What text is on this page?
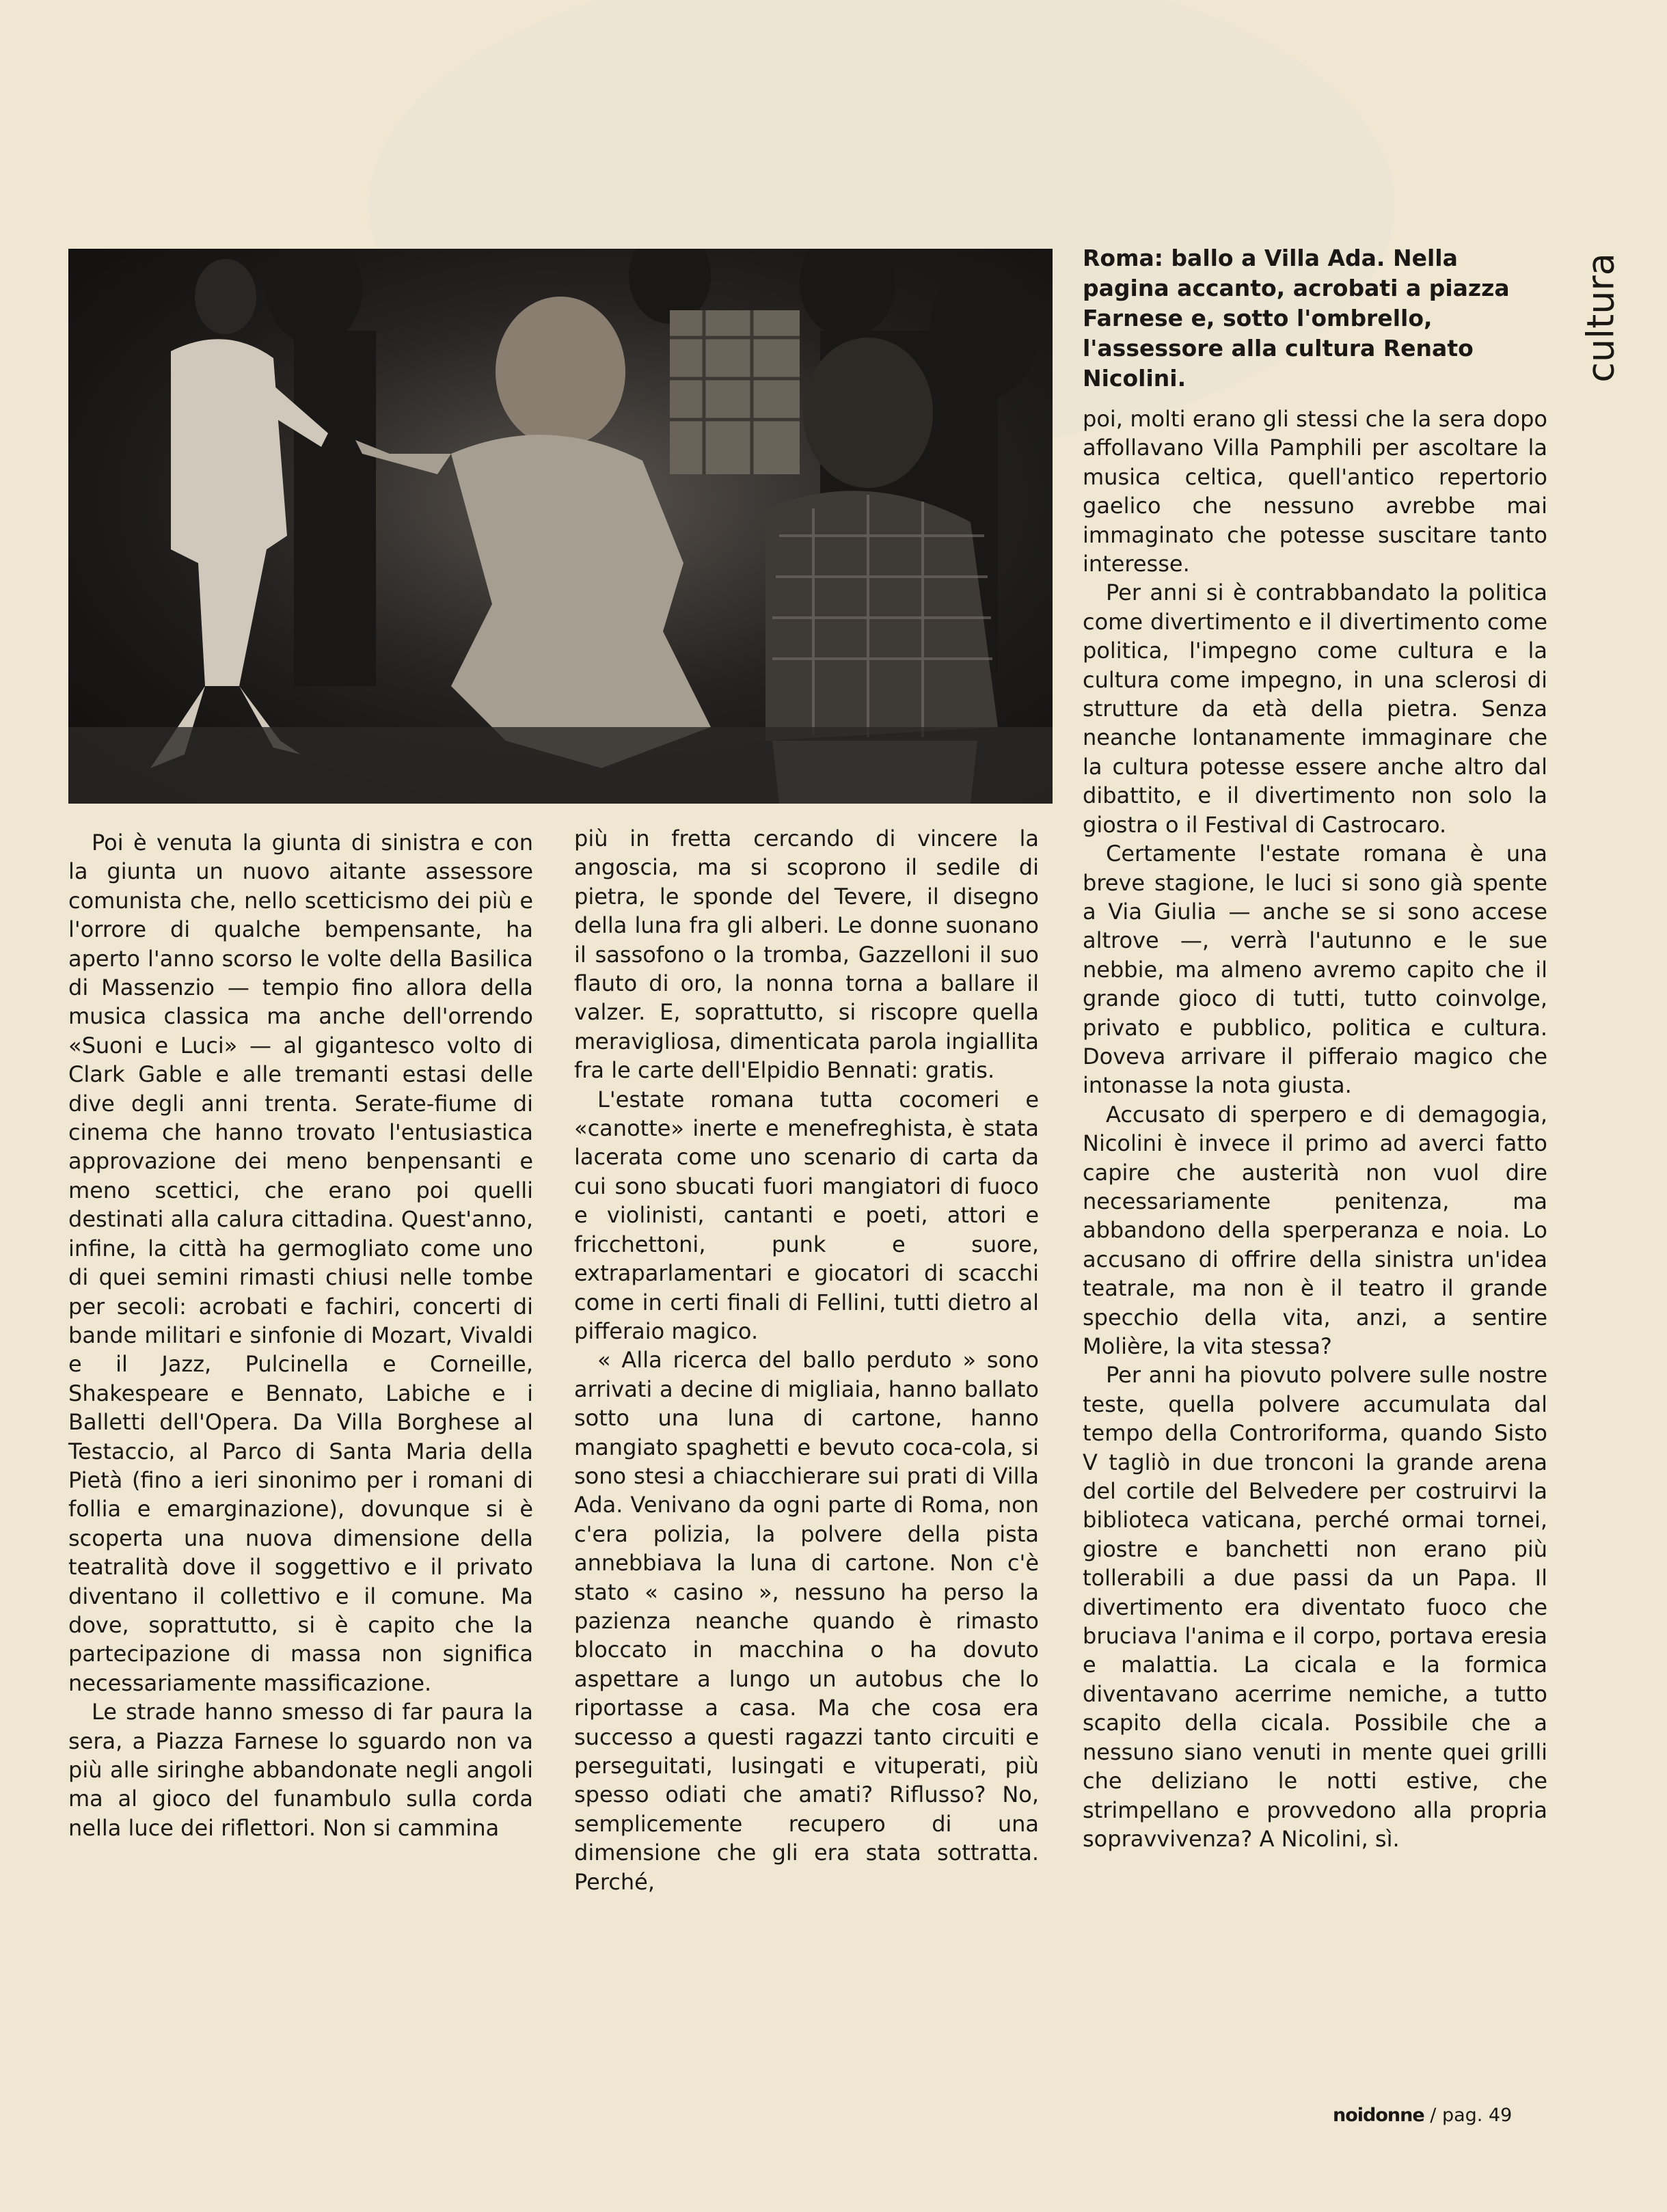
Roma: ballo a Villa Ada. Nella pagina accanto, acrobati a piazza Farnese e, sotto l'ombrello, l'assessore alla cultura Renato Nicolini.	cultura

Poi è venuta la giunta di sinistra e con la giunta un nuovo aitante assessore comunista che, nello scetticismo dei più e l'orrore di qualche bempensante, ha aperto l'anno scorso le volte della Basilica di Massenzio — tempio fino allora della musica classica ma anche dell'orrendo «Suoni e Luci» — al gigantesco volto di Clark Gable e alle tremanti estasi delle dive degli anni trenta. Serate-fiume di cinema che hanno trovato l'entusiastica approvazione dei meno benpensanti e meno scettici, che erano poi quelli destinati alla calura cittadina. Quest'anno, infine, la città ha germogliato come uno di quei semini rimasti chiusi nelle tombe per secoli: acrobati e fachiri, concerti di bande militari e sinfonie di Mozart, Vivaldi e il Jazz, Pulcinella e Corneille, Shakespeare e Bennato, Labiche e i Balletti dell'Opera. Da Villa Borghese al Testaccio, al Parco di Santa Maria della Pietà (fino a ieri sinonimo per i romani di follia e emarginazione), dovunque si è scoperta una nuova dimensione della teatralità dove il soggettivo e il privato diventano il collettivo e il comune. Ma dove, soprattutto, si è capito che la partecipazione di massa non significa necessariamente massificazione.

Le strade hanno smesso di far paura la sera, a Piazza Farnese lo sguardo non va più alle siringhe abbandonate negli angoli ma al gioco del funambulo sulla corda nella luce dei riflettori. Non si cammina

più in fretta cercando di vincere la angoscia, ma si scoprono il sedile di pietra, le sponde del Tevere, il disegno della luna fra gli alberi. Le donne suonano il sassofono o la tromba, Gazzelloni il suo flauto di oro, la nonna torna a ballare il valzer. E, soprattutto, si riscopre quella meravigliosa, dimenticata parola ingiallita fra le carte dell'Elpidio Bennati: gratis.

L'estate romana tutta cocomeri e «canotte» inerte e menefreghista, è stata lacerata come uno scenario di carta da cui sono sbucati fuori mangiatori di fuoco e violinisti, cantanti e poeti, attori e fricchettoni, punk e suore, extraparlamentari e giocatori di scacchi come in certi finali di Fellini, tutti dietro al pifferaio magico.

« Alla ricerca del ballo perduto » sono arrivati a decine di migliaia, hanno ballato sotto una luna di cartone, hanno mangiato spaghetti e bevuto coca-cola, si sono stesi a chiacchierare sui prati di Villa Ada. Venivano da ogni parte di Roma, non c'era polizia, la polvere della pista annebbiava la luna di cartone. Non c'è stato « casino », nessuno ha perso la pazienza neanche quando è rimasto bloccato in macchina o ha dovuto aspettare a lungo un autobus che lo riportasse a casa. Ma che cosa era successo a questi ragazzi tanto circuiti e perseguitati, lusingati e vituperati, più spesso odiati che amati? Riflusso? No, semplicemente recupero di una dimensione che gli era stata sottratta. Perché,

poi, molti erano gli stessi che la sera dopo affollavano Villa Pamphili per ascoltare la musica celtica, quell'antico repertorio gaelico che nessuno avrebbe mai immaginato che potesse suscitare tanto interesse.

Per anni si è contrabbandato la politica come divertimento e il divertimento come politica, l'impegno come cultura e la cultura come impegno, in una sclerosi di strutture da età della pietra. Senza neanche lontanamente immaginare che la cultura potesse essere anche altro dal dibattito, e il divertimento non solo la giostra o il Festival di Castrocaro.

Certamente l'estate romana è una breve stagione, le luci si sono già spente a Via Giulia — anche se si sono accese altrove —, verrà l'autunno e le sue nebbie, ma almeno avremo capito che il grande gioco di tutti, tutto coinvolge, privato e pubblico, politica e cultura. Doveva arrivare il pifferaio magico che intonasse la nota giusta.

Accusato di sperpero e di demagogia, Nicolini è invece il primo ad averci fatto capire che austerità non vuol dire necessariamente penitenza, ma abbandono della sperperanza e noia. Lo accusano di offrire della sinistra un'idea teatrale, ma non è il teatro il grande specchio della vita, anzi, a sentire Molière, la vita stessa?

Per anni ha piovuto polvere sulle nostre teste, quella polvere accumulata dal tempo della Controriforma, quando Sisto V tagliò in due tronconi la grande arena del cortile del Belvedere per costruirvi la biblioteca vaticana, perché ormai tornei, giostre e banchetti non erano più tollerabili a due passi da un Papa. Il divertimento era diventato fuoco che bruciava l'anima e il corpo, portava eresia e malattia. La cicala e la formica diventavano acerrime nemiche, a tutto scapito della cicala. Possibile che a nessuno siano venuti in mente quei grilli che deliziano le notti estive, che strimpellano e provvedono alla propria sopravvivenza? A Nicolini, sì.

noidonne / pag. 49
